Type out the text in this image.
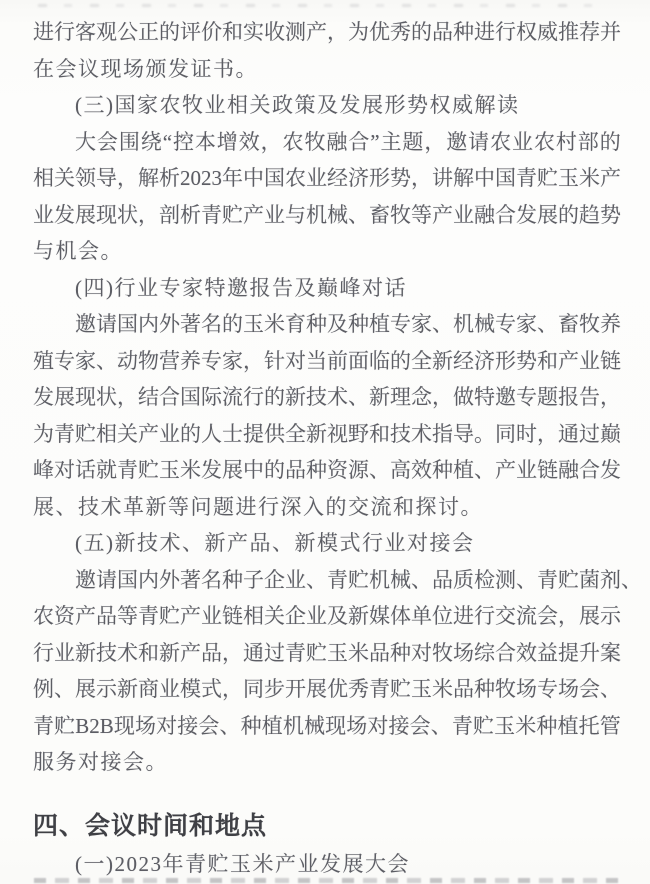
进 行 客 观 公 正 的 评 价 和 实 收 测 产 ， 为 优 秀 的 品 种 进 行 权 威 推 荐 并
在会议现场颁发证书。
(三)国家农牧业相关政策及发展形势权威解读
大 会 围 绕 “ 控 本 增 效 ， 农 牧 融 合 ” 主 题 ， 邀 请 农 业 农 村 部 的
相 关 领 导 ， 解 析 2023 年 中 国 农 业 经 济 形 势 ， 讲 解 中 国 青 贮 玉 米 产
业 发 展 现 状 ， 剖 析 青 贮 产 业 与 机 械 、 畜 牧 等 产 业 融 合 发 展 的 趋 势
与机会。
(四)行业专家特邀报告及巅峰对话
邀 请 国 内 外 著 名 的 玉 米 育 种 及 种 植 专 家 、 机 械 专 家 、 畜 牧 养
殖 专 家 、 动 物 营 养 专 家 ， 针 对 当 前 面 临 的 全 新 经 济 形 势 和 产 业 链
发 展 现 状 ， 结 合 国 际 流 行 的 新 技 术 、 新 理 念 ， 做 特 邀 专 题 报 告 ，
为 青 贮 相 关 产 业 的 人 士 提 供 全 新 视 野 和 技 术 指 导 。 同 时 ， 通 过 巅
峰 对 话 就 青 贮 玉 米 发 展 中 的 品 种 资 源 、 高 效 种 植 、 产 业 链 融 合 发
展、技术革新等问题进行深入的交流和探讨。
(五)新技术、新产品、新模式行业对接会
邀 请 国 内 外 著 名 种 子 企 业 、 青 贮 机 械 、 品 质 检 测 、 青 贮 菌 剂 、
农 资 产 品 等 青 贮 产 业 链 相 关 企 业 及 新 媒 体 单 位 进 行 交 流 会 ， 展 示
行 业 新 技 术 和 新 产 品 ， 通 过 青 贮 玉 米 品 种 对 牧 场 综 合 效 益 提 升 案
例 、 展 示 新 商 业 模 式 ， 同 步 开 展 优 秀 青 贮 玉 米 品 种 牧 场 专 场 会 、
青 贮 B2B 现 场 对 接 会 、 种 植 机 械 现 场 对 接 会 、 青 贮 玉 米 种 植 托 管
服务对接会。
四、会议时间和地点
(一)2023年青贮玉米产业发展大会
